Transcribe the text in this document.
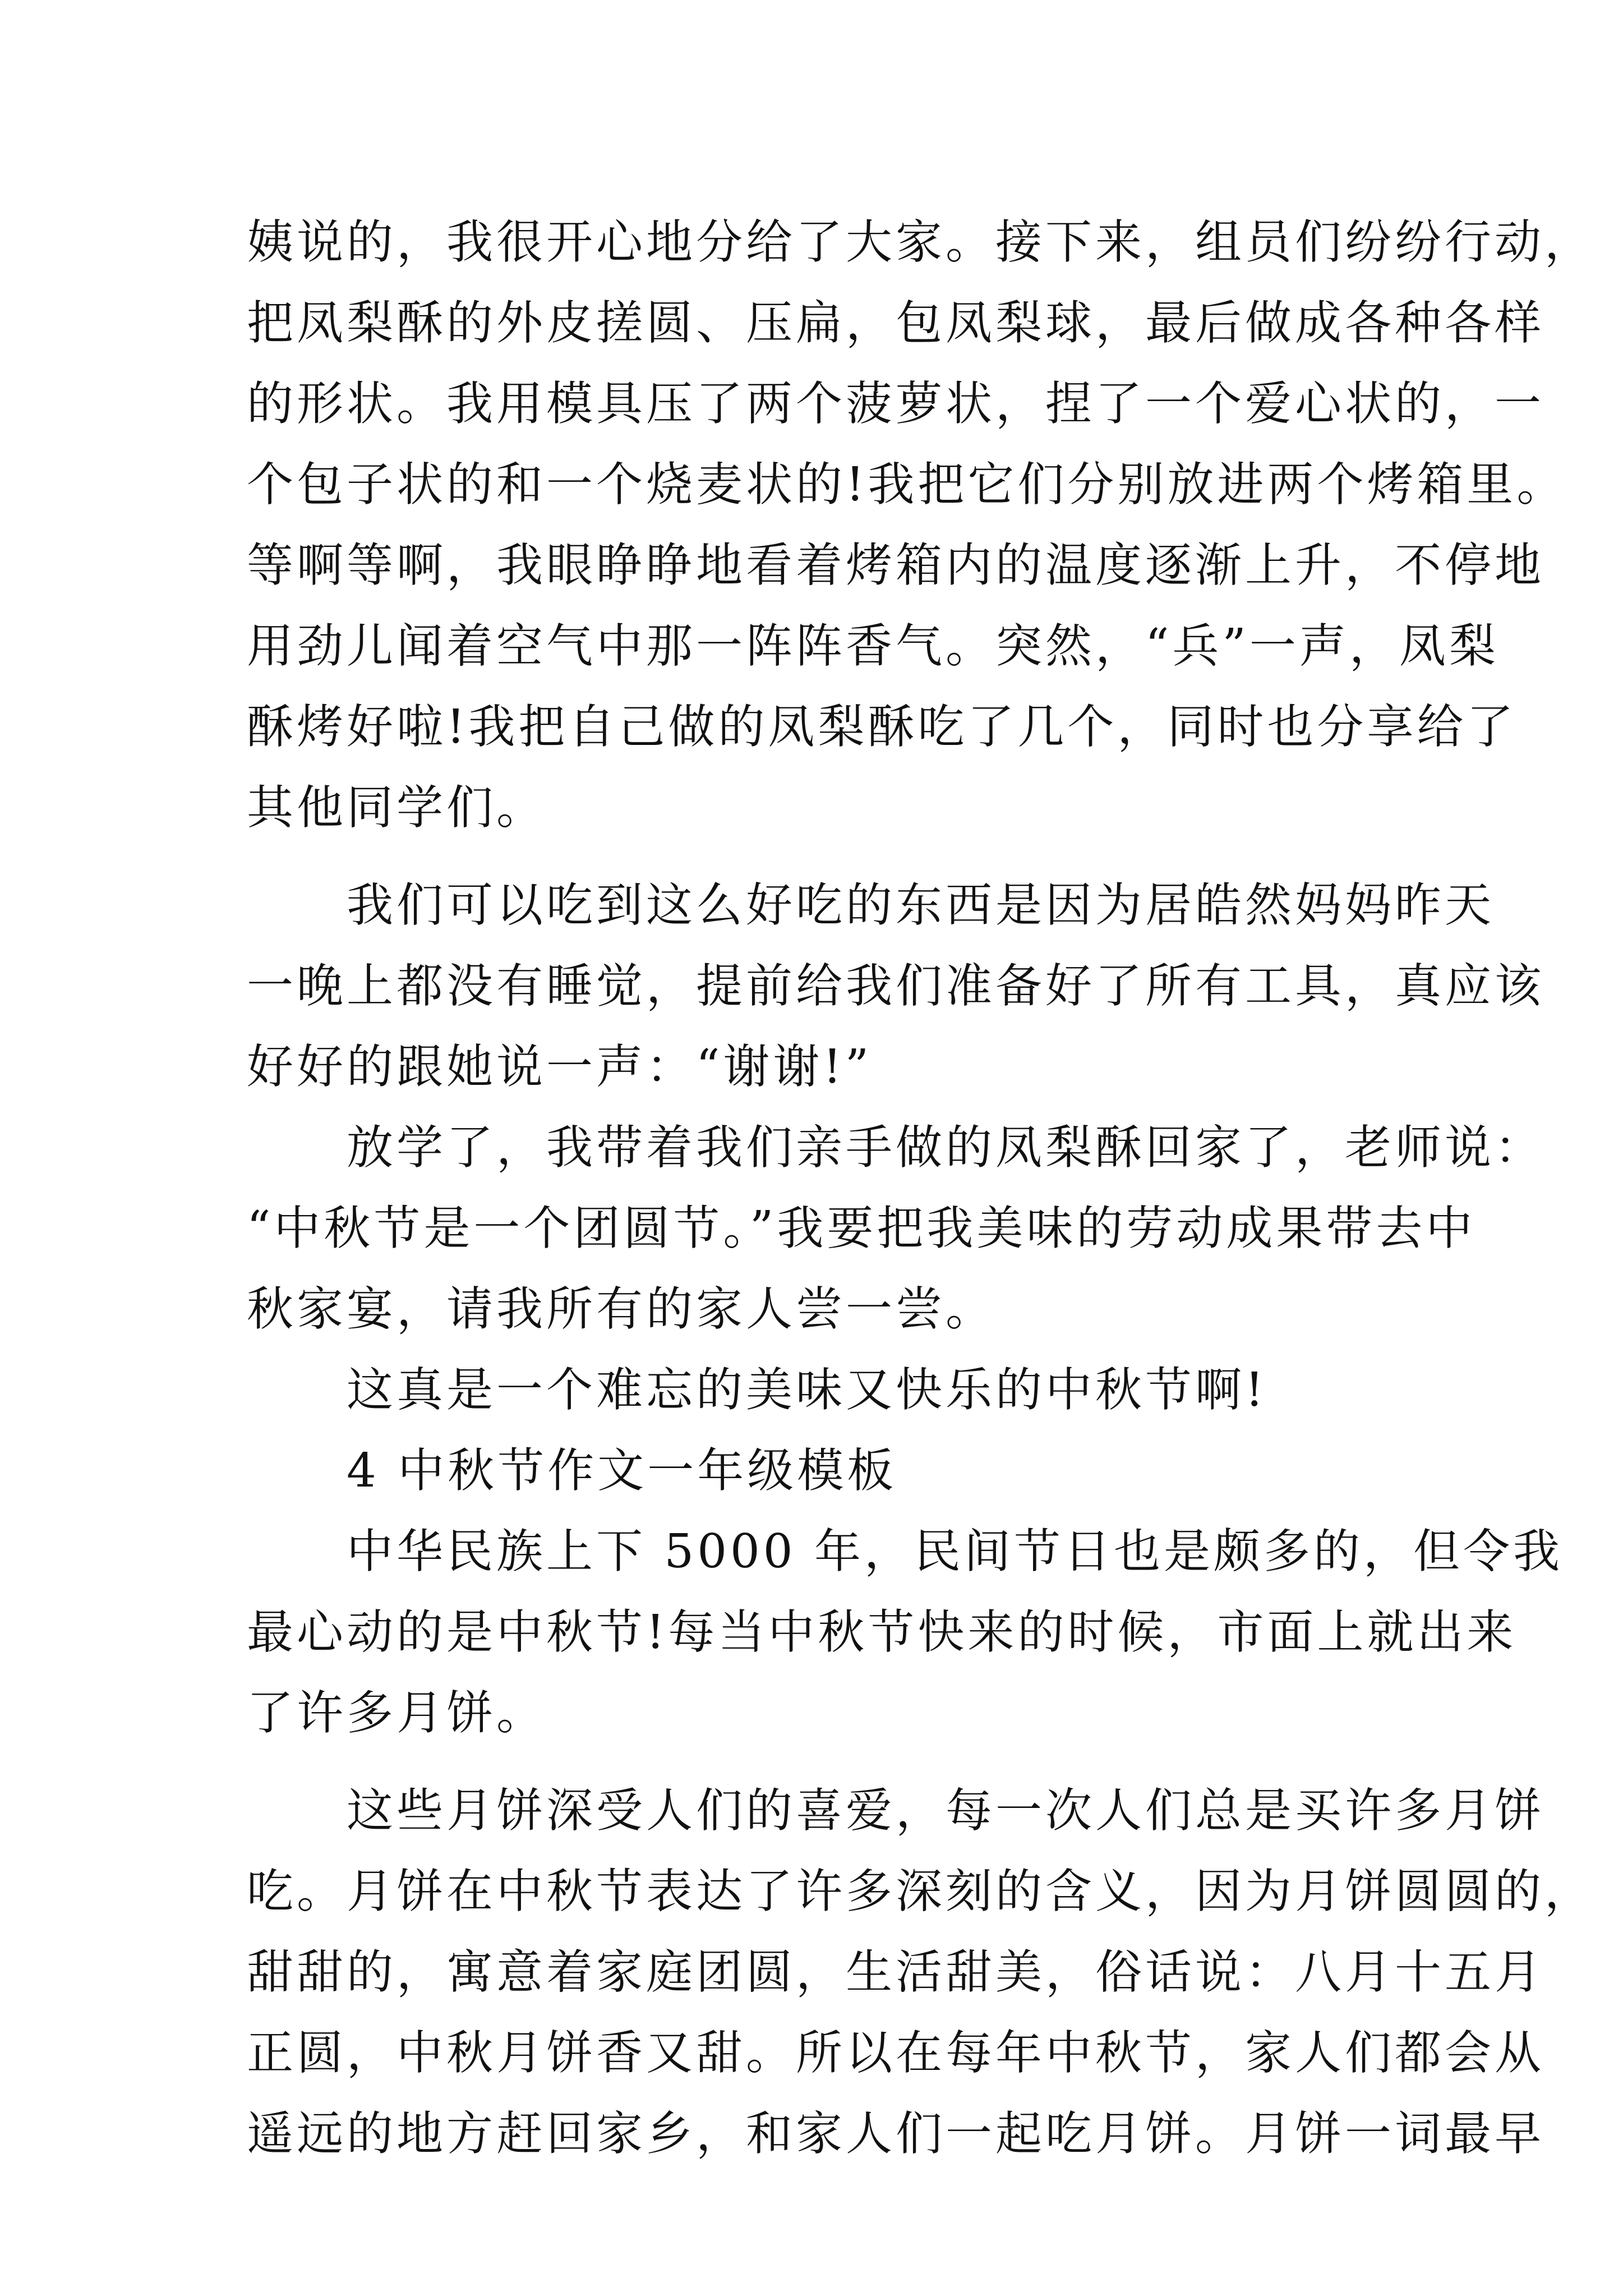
姨说的，我很开心地分给了大家。接下来，组员们纷纷行动，
把凤梨酥的外皮搓圆、压扁，包凤梨球，最后做成各种各样
的形状。我用模具压了两个菠萝状，捏了一个爱心状的，一
个包子状的和一个烧麦状的!我把它们分别放进两个烤箱里。
等啊等啊，我眼睁睁地看着烤箱内的温度逐渐上升，不停地
用劲儿闻着空气中那一阵阵香气。突然，“兵”一声，凤梨
酥烤好啦!我把自己做的凤梨酥吃了几个，同时也分享给了
其他同学们。
　　我们可以吃到这么好吃的东西是因为居皓然妈妈昨天
一晚上都没有睡觉，提前给我们准备好了所有工具，真应该
好好的跟她说一声：“谢谢!”
　　放学了，我带着我们亲手做的凤梨酥回家了，老师说：
“中秋节是一个团圆节。”我要把我美味的劳动成果带去中
秋家宴，请我所有的家人尝一尝。
　　这真是一个难忘的美味又快乐的中秋节啊!
　　4 中秋节作文一年级模板
　　中华民族上下 5000 年，民间节日也是颇多的，但令我
最心动的是中秋节!每当中秋节快来的时候，市面上就出来
了许多月饼。
　　这些月饼深受人们的喜爱，每一次人们总是买许多月饼
吃。月饼在中秋节表达了许多深刻的含义，因为月饼圆圆的，
甜甜的，寓意着家庭团圆，生活甜美，俗话说：八月十五月
正圆，中秋月饼香又甜。所以在每年中秋节，家人们都会从
遥远的地方赶回家乡，和家人们一起吃月饼。月饼一词最早
